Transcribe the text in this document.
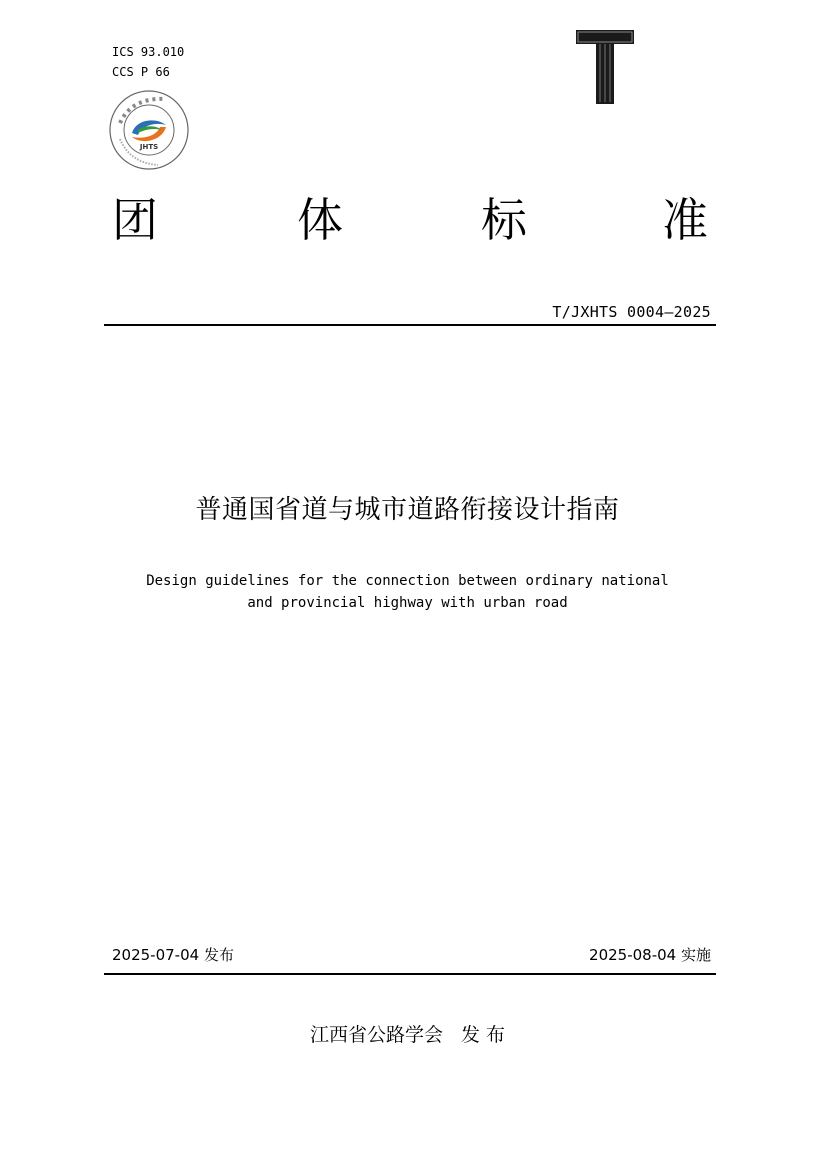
ICS 93.010
CCS P 66
JHTS
团	体	标	准
T/JXHTS 0004—2025
普通国省道与城市道路衔接设计指南
Design guidelines for the connection between ordinary national
and provincial highway with urban road
2025-07-04 发布	2025-08-04 实施
江西省公路学会 发 布
